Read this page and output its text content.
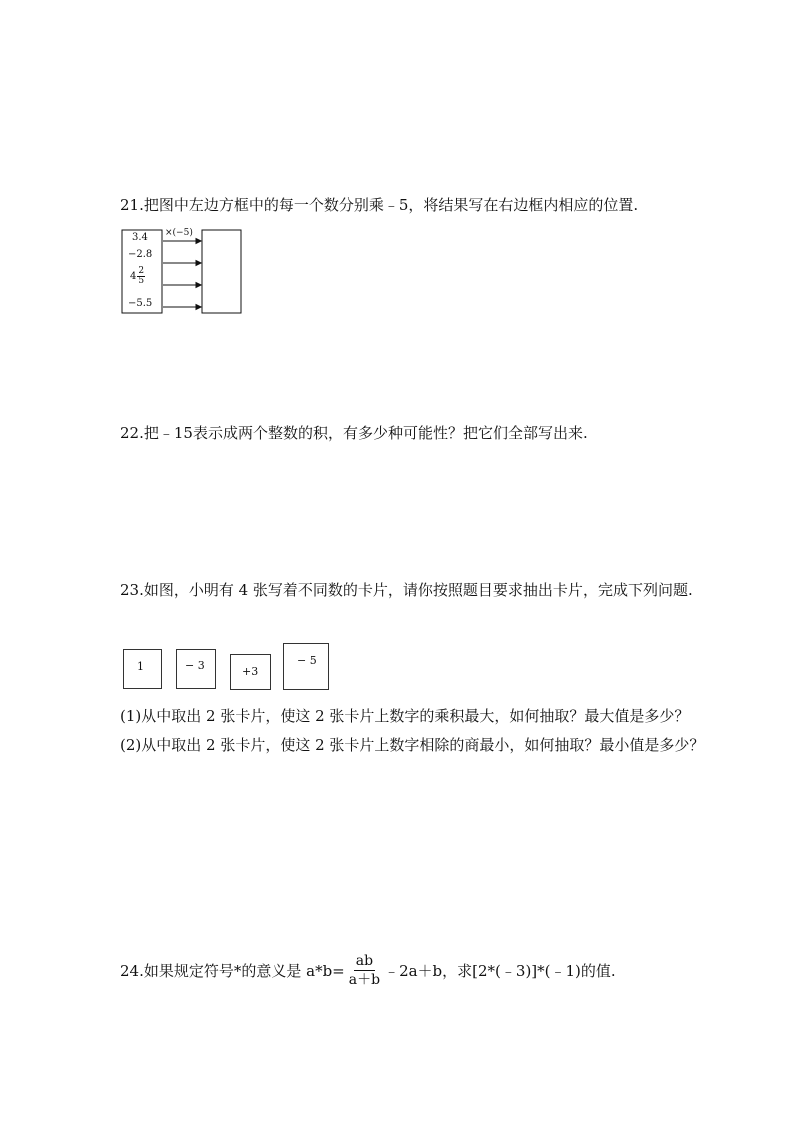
21.把图中左边方框中的每一个数分别乘﹣5，将结果写在右边框内相应的位置.
×(−5)
3.4
−2.8
$4 \frac{2}{5}$
−5.5
22.把﹣15表示成两个整数的积，有多少种可能性？把它们全部写出来.
23.如图，小明有 4 张写着不同数的卡片，请你按照题目要求抽出卡片，完成下列问题.
1	− 3	+3
− 5
(1)从中取出 2 张卡片，使这 2 张卡片上数字的乘积最大，如何抽取？最大值是多少？
(2)从中取出 2 张卡片，使这 2 张卡片上数字相除的商最小，如何抽取？最小值是多少？
24.如果规定符号*的意义是 $a*b= \frac{ab}{a+b}$ ﹣2a＋b，求[2*(﹣3)]*(﹣1)的值.
